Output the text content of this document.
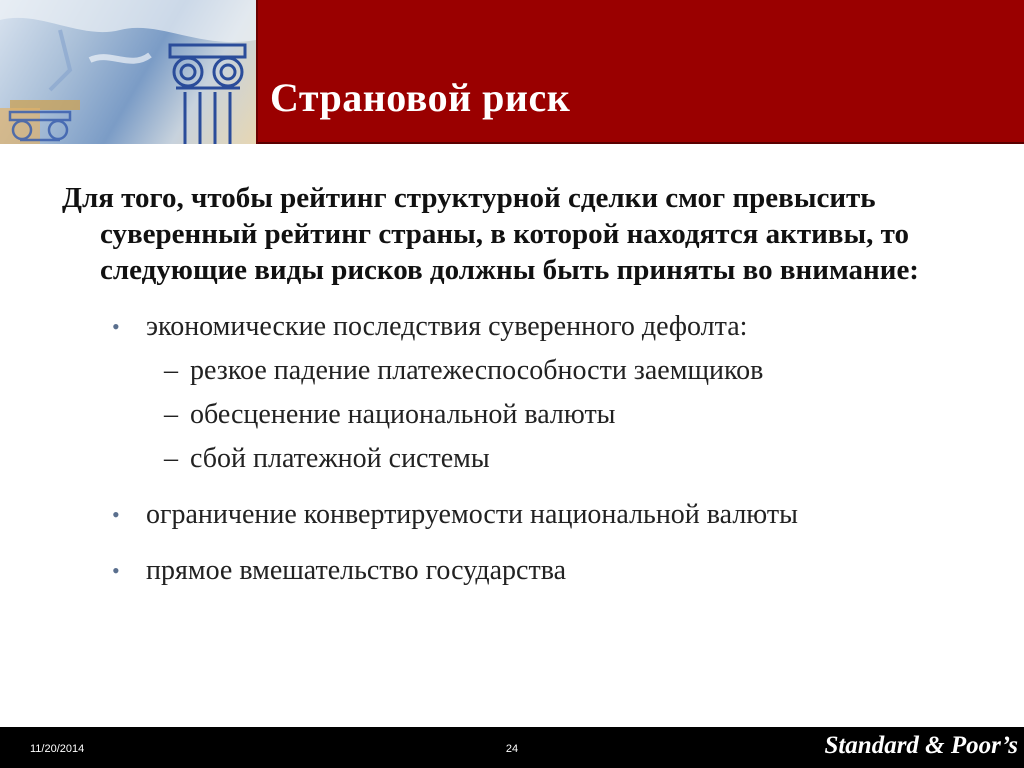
Страновой риск

Для того, чтобы рейтинг структурной сделки смог превысить суверенный рейтинг страны, в которой находятся активы, то следующие виды рисков должны быть приняты во внимание:

• экономические последствия суверенного дефолта:
– резкое падение платежеспособности заемщиков
– обесценение национальной валюты
– сбой платежной системы
• ограничение конвертируемости национальной валюты
• прямое вмешательство государства
11/20/2014	24	Standard & Poor’s
